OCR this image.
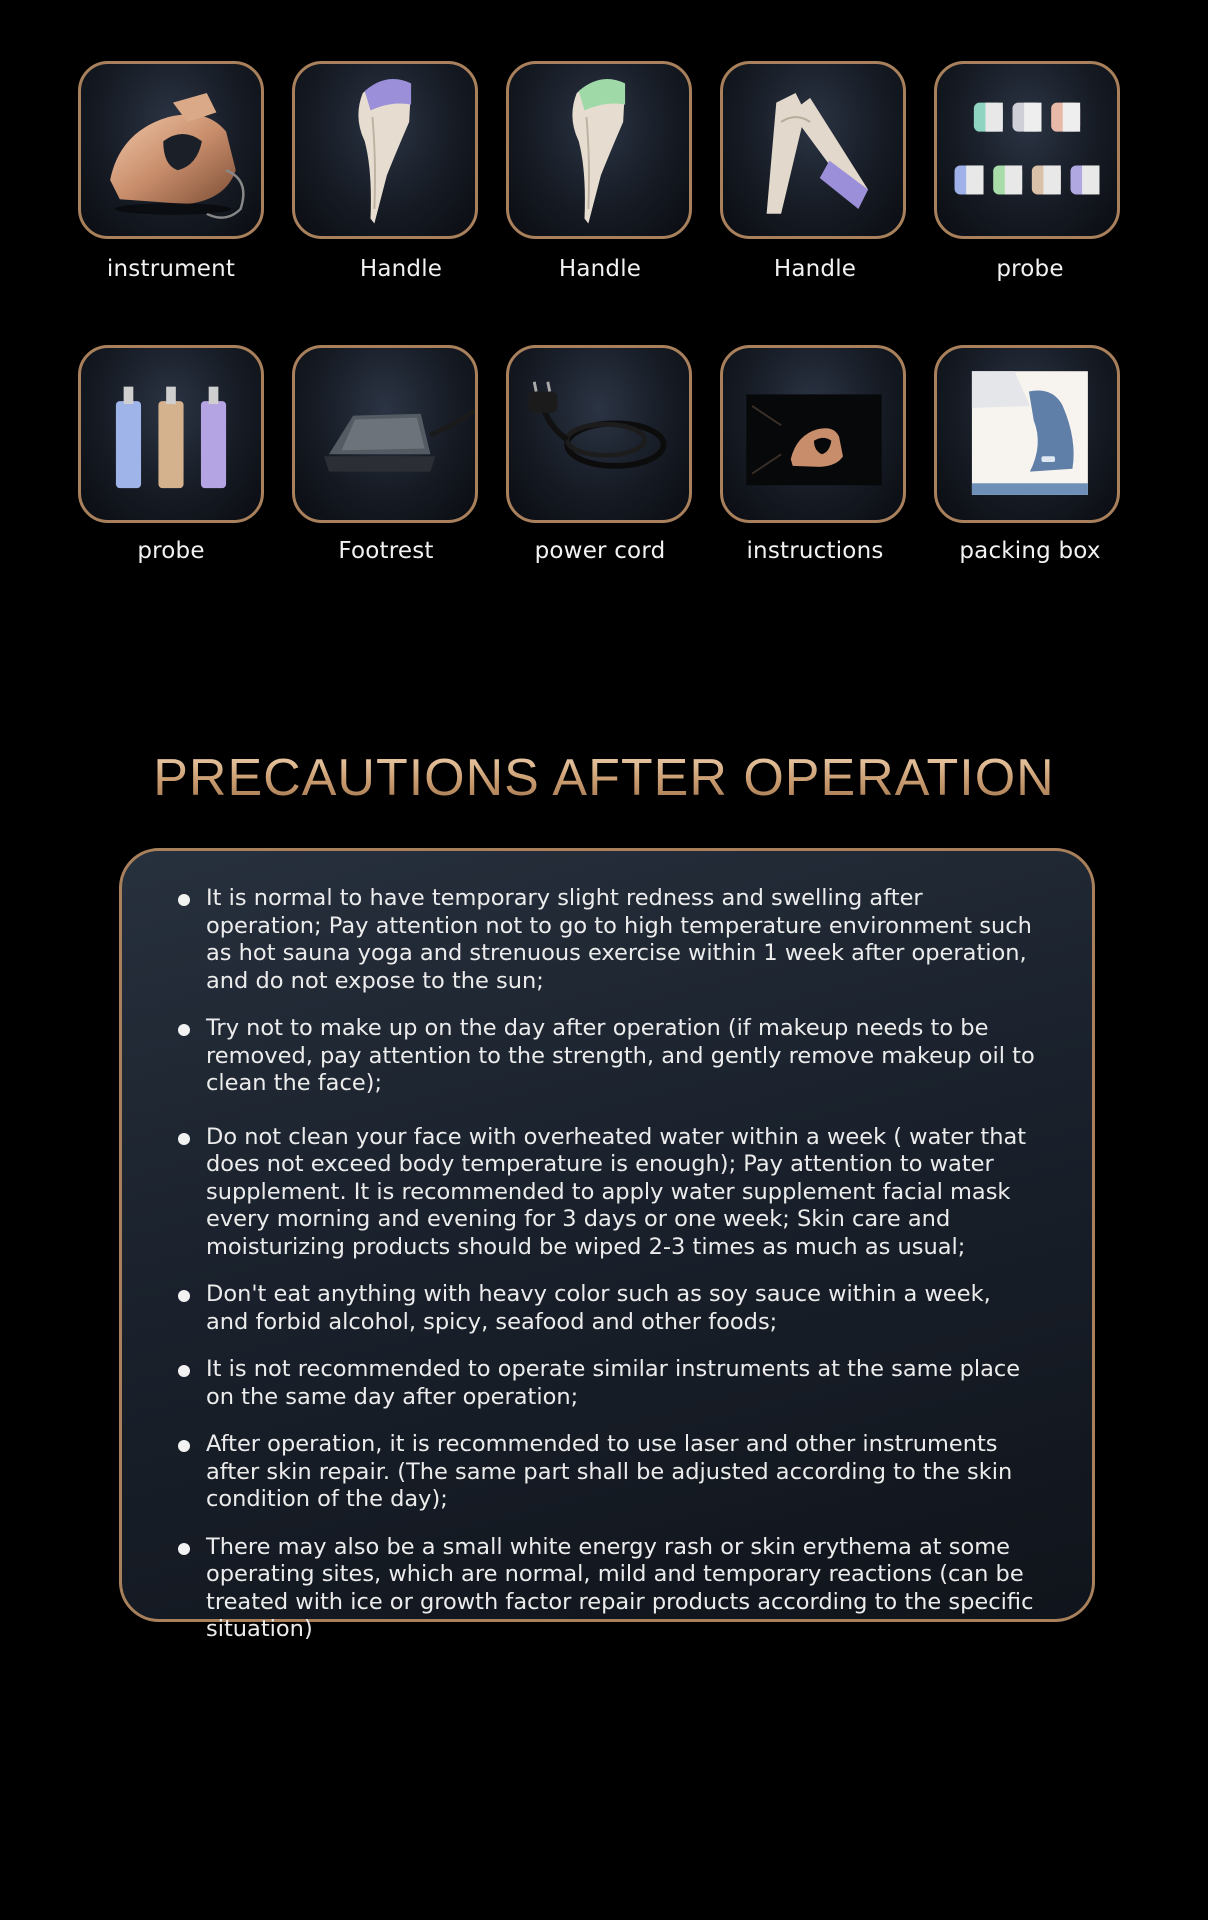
instrument	Handle	Handle	Handle	probe
probe	Footrest	power cord	instructions	packing box
PRECAUTIONS AFTER OPERATION
It is normal to have temporary slight redness and swelling after operation; Pay attention not to go to high temperature environment such as hot sauna yoga and strenuous exercise within 1 week after operation, and do not expose to the sun;
Try not to make up on the day after operation (if makeup needs to be removed, pay attention to the strength, and gently remove makeup oil to clean the face);
Do not clean your face with overheated water within a week ( water that does not exceed body temperature is enough); Pay attention to water supplement. It is recommended to apply water supplement facial mask every morning and evening for 3 days or one week; Skin care and moisturizing products should be wiped 2-3 times as much as usual;
Don't eat anything with heavy color such as soy sauce within a week, and forbid alcohol, spicy, seafood and other foods;
It is not recommended to operate similar instruments at the same place on the same day after operation;
After operation, it is recommended to use laser and other instruments after skin repair. (The same part shall be adjusted according to the skin condition of the day);
There may also be a small white energy rash or skin erythema at some operating sites, which are normal, mild and temporary reactions (can be treated with ice or growth factor repair products according to the specific situation)
